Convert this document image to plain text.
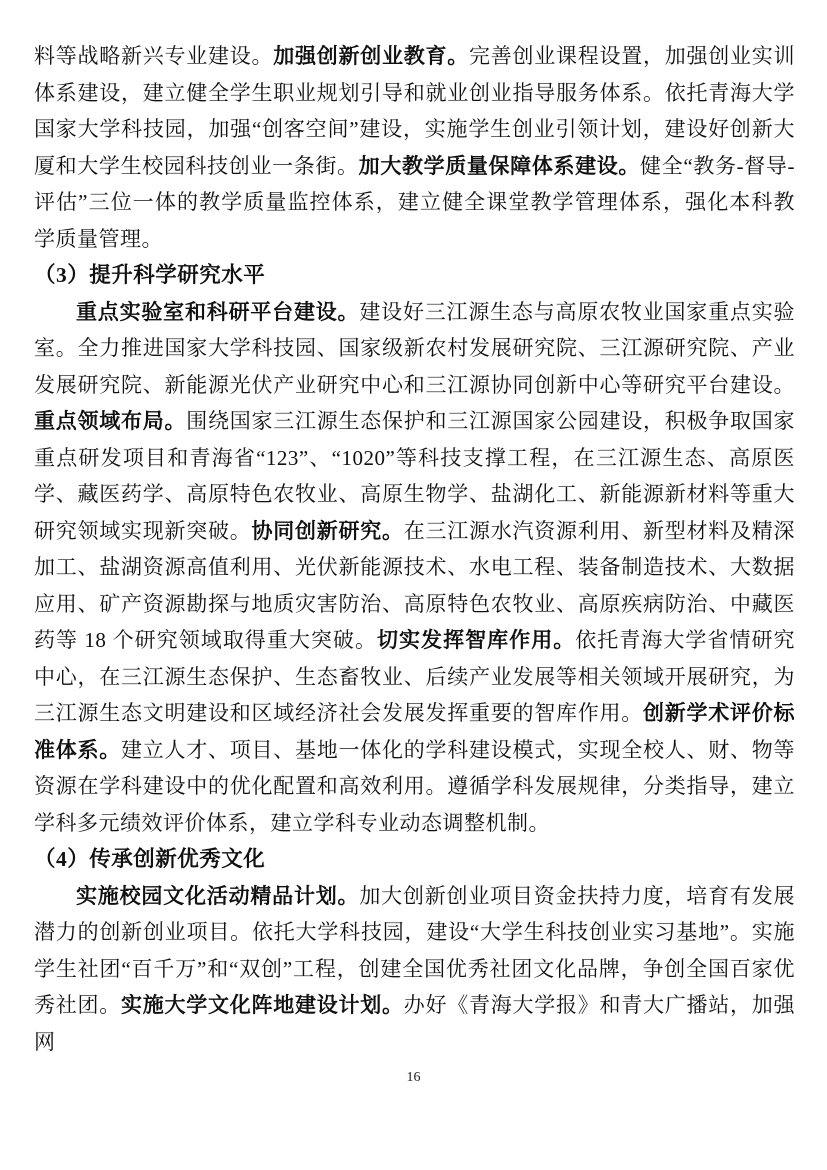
料等战略新兴专业建设。加强创新创业教育。完善创业课程设置，加强创业实训体系建设，建立健全学生职业规划引导和就业创业指导服务体系。依托青海大学国家大学科技园，加强“创客空间”建设，实施学生创业引领计划，建设好创新大厦和大学生校园科技创业一条街。加大教学质量保障体系建设。健全“教务-督导-评估”三位一体的教学质量监控体系，建立健全课堂教学管理体系，强化本科教学质量管理。

（3）提升科学研究水平

重点实验室和科研平台建设。建设好三江源生态与高原农牧业国家重点实验室。全力推进国家大学科技园、国家级新农村发展研究院、三江源研究院、产业发展研究院、新能源光伏产业研究中心和三江源协同创新中心等研究平台建设。重点领域布局。围绕国家三江源生态保护和三江源国家公园建设，积极争取国家重点研发项目和青海省“123”、“1020”等科技支撑工程，在三江源生态、高原医学、藏医药学、高原特色农牧业、高原生物学、盐湖化工、新能源新材料等重大研究领域实现新突破。协同创新研究。在三江源水汽资源利用、新型材料及精深加工、盐湖资源高值利用、光伏新能源技术、水电工程、装备制造技术、大数据应用、矿产资源勘探与地质灾害防治、高原特色农牧业、高原疾病防治、中藏医药等 18 个研究领域取得重大突破。切实发挥智库作用。依托青海大学省情研究中心，在三江源生态保护、生态畜牧业、后续产业发展等相关领域开展研究，为三江源生态文明建设和区域经济社会发展发挥重要的智库作用。创新学术评价标准体系。建立人才、项目、基地一体化的学科建设模式，实现全校人、财、物等资源在学科建设中的优化配置和高效利用。遵循学科发展规律，分类指导，建立学科多元绩效评价体系，建立学科专业动态调整机制。

（4）传承创新优秀文化

实施校园文化活动精品计划。加大创新创业项目资金扶持力度，培育有发展潜力的创新创业项目。依托大学科技园，建设“大学生科技创业实习基地”。实施学生社团“百千万”和“双创”工程，创建全国优秀社团文化品牌，争创全国百家优秀社团。实施大学文化阵地建设计划。办好《青海大学报》和青大广播站，加强网

16
